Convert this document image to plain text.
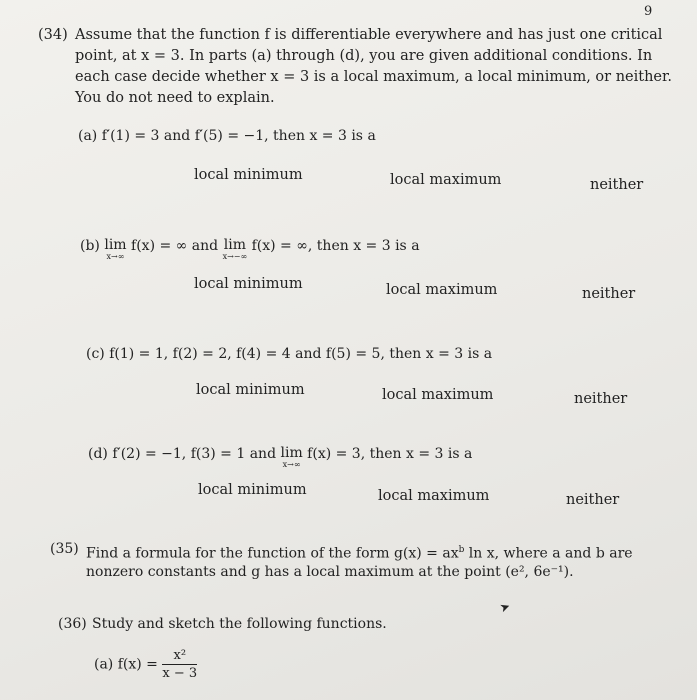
9
(34) Assume that the function f is differentiable everywhere and has just one critical
point, at x = 3. In parts (a) through (d), you are given additional conditions. In
each case decide whether x = 3 is a local maximum, a local minimum, or neither.
You do not need to explain.
(a) f′(1) = 3 and f′(5) = −1, then x = 3 is a
local minimum	local maximum	neither
(b) lim
x→∞
f(x) = ∞ and lim
x→−∞
f(x) = ∞, then x = 3 is a
local minimum	local maximum	neither
(c) f(1) = 1, f(2) = 2, f(4) = 4 and f(5) = 5, then x = 3 is a
local minimum	local maximum	neither
(d) f′(2) = −1, f(3) = 1 and lim
x→∞
f(x) = 3, then x = 3 is a
local minimum	local maximum	neither
(35) Find a formula for the function of the form $g(x) = ax^b$ ln x, where a and b are
nonzero constants and g has a local maximum at the point (e², 6e⁻¹).
➤
(36) Study and sketch the following functions.
(a) $f(x) = \frac{\text{x²}}{x - 3}$
